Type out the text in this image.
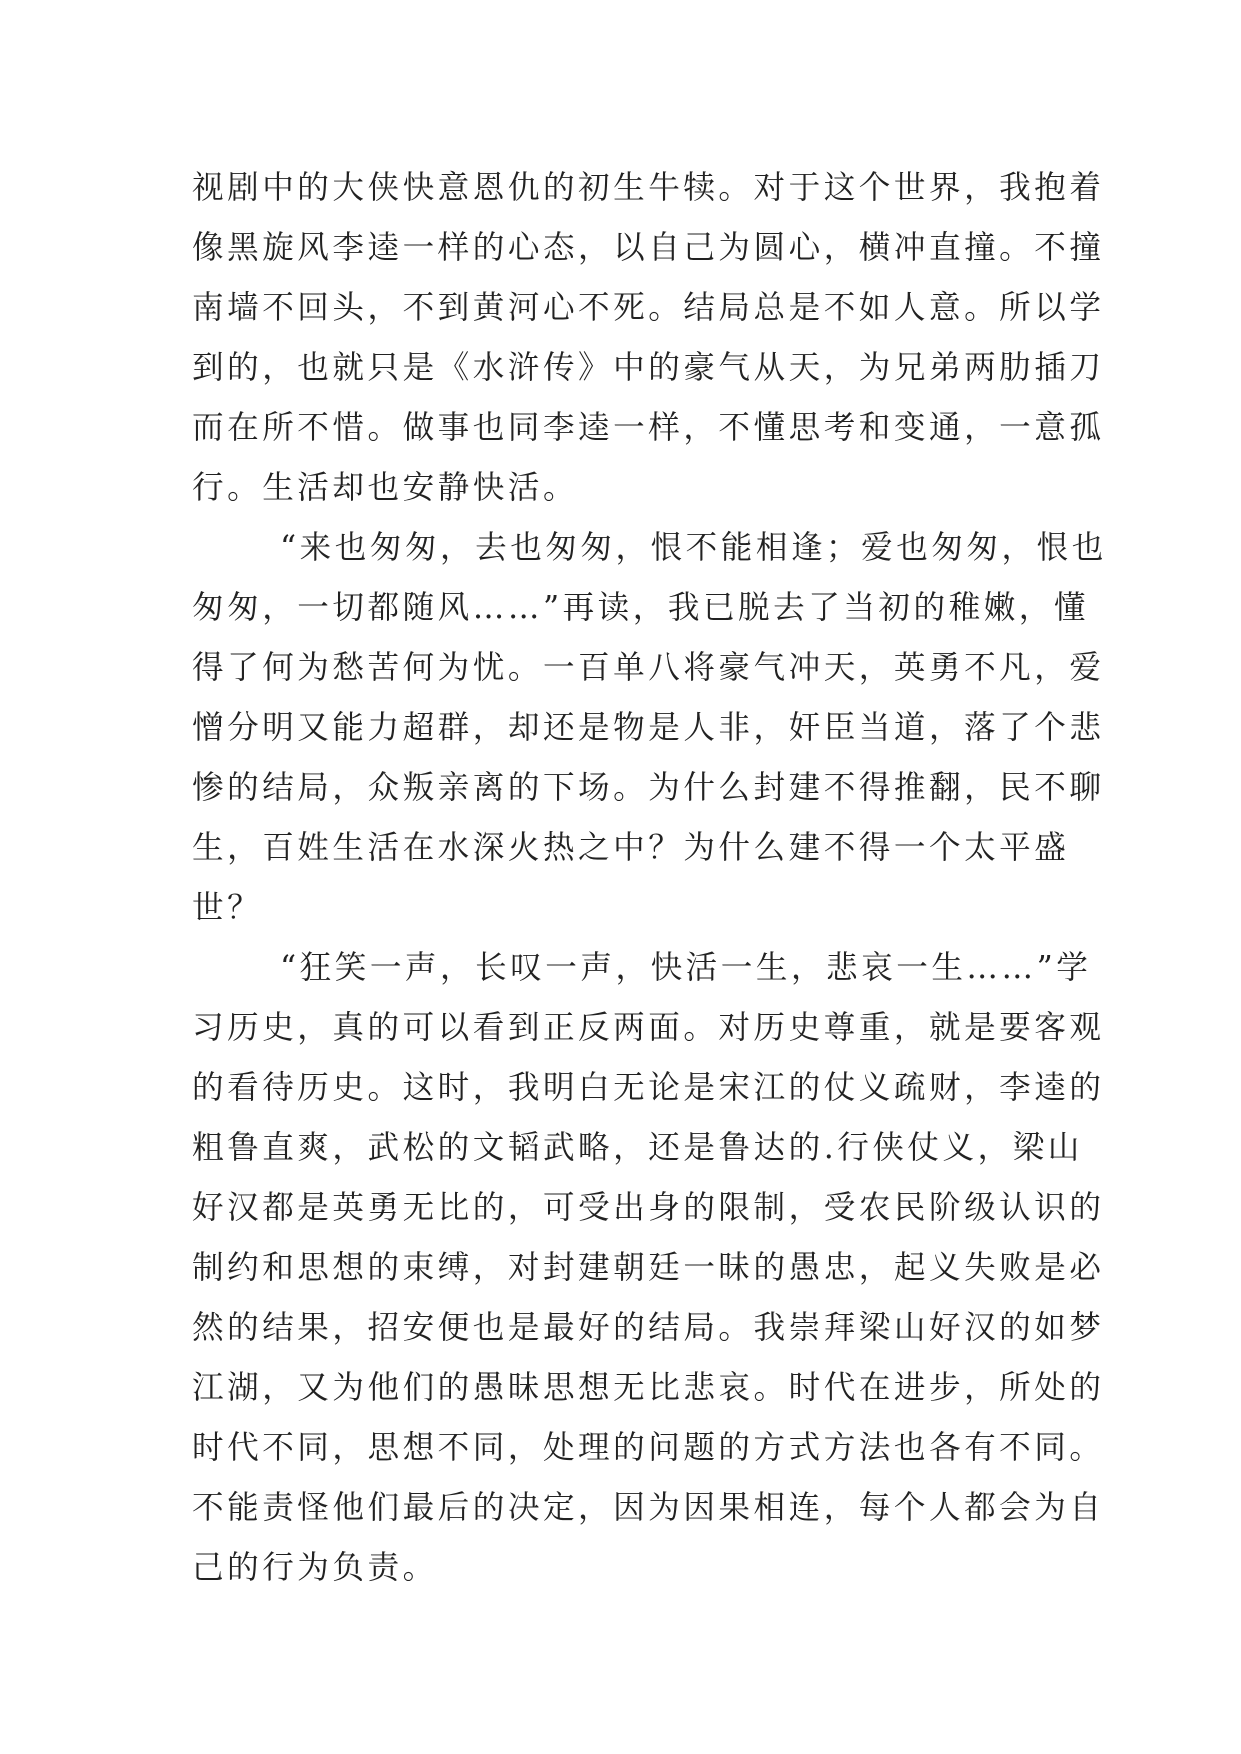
视剧中的大侠快意恩仇的初生牛犊。对于这个世界，我抱着
像黑旋风李逵一样的心态，以自己为圆心，横冲直撞。不撞
南墙不回头，不到黄河心不死。结局总是不如人意。所以学
到的，也就只是《水浒传》中的豪气从天，为兄弟两肋插刀
而在所不惜。做事也同李逵一样，不懂思考和变通，一意孤
行。生活却也安静快活。
“来也匆匆，去也匆匆，恨不能相逢；爱也匆匆，恨也
匆匆，一切都随风……”再读，我已脱去了当初的稚嫩，懂
得了何为愁苦何为忧。一百单八将豪气冲天，英勇不凡，爱
憎分明又能力超群，却还是物是人非，奸臣当道，落了个悲
惨的结局，众叛亲离的下场。为什么封建不得推翻，民不聊
生，百姓生活在水深火热之中？为什么建不得一个太平盛
世？
“狂笑一声，长叹一声，快活一生，悲哀一生……”学
习历史，真的可以看到正反两面。对历史尊重，就是要客观
的看待历史。这时，我明白无论是宋江的仗义疏财，李逵的
粗鲁直爽，武松的文韬武略，还是鲁达的.行侠仗义，梁山
好汉都是英勇无比的，可受出身的限制，受农民阶级认识的
制约和思想的束缚，对封建朝廷一昧的愚忠，起义失败是必
然的结果，招安便也是最好的结局。我崇拜梁山好汉的如梦
江湖，又为他们的愚昧思想无比悲哀。时代在进步，所处的
时代不同，思想不同，处理的问题的方式方法也各有不同。
不能责怪他们最后的决定，因为因果相连，每个人都会为自
己的行为负责。
